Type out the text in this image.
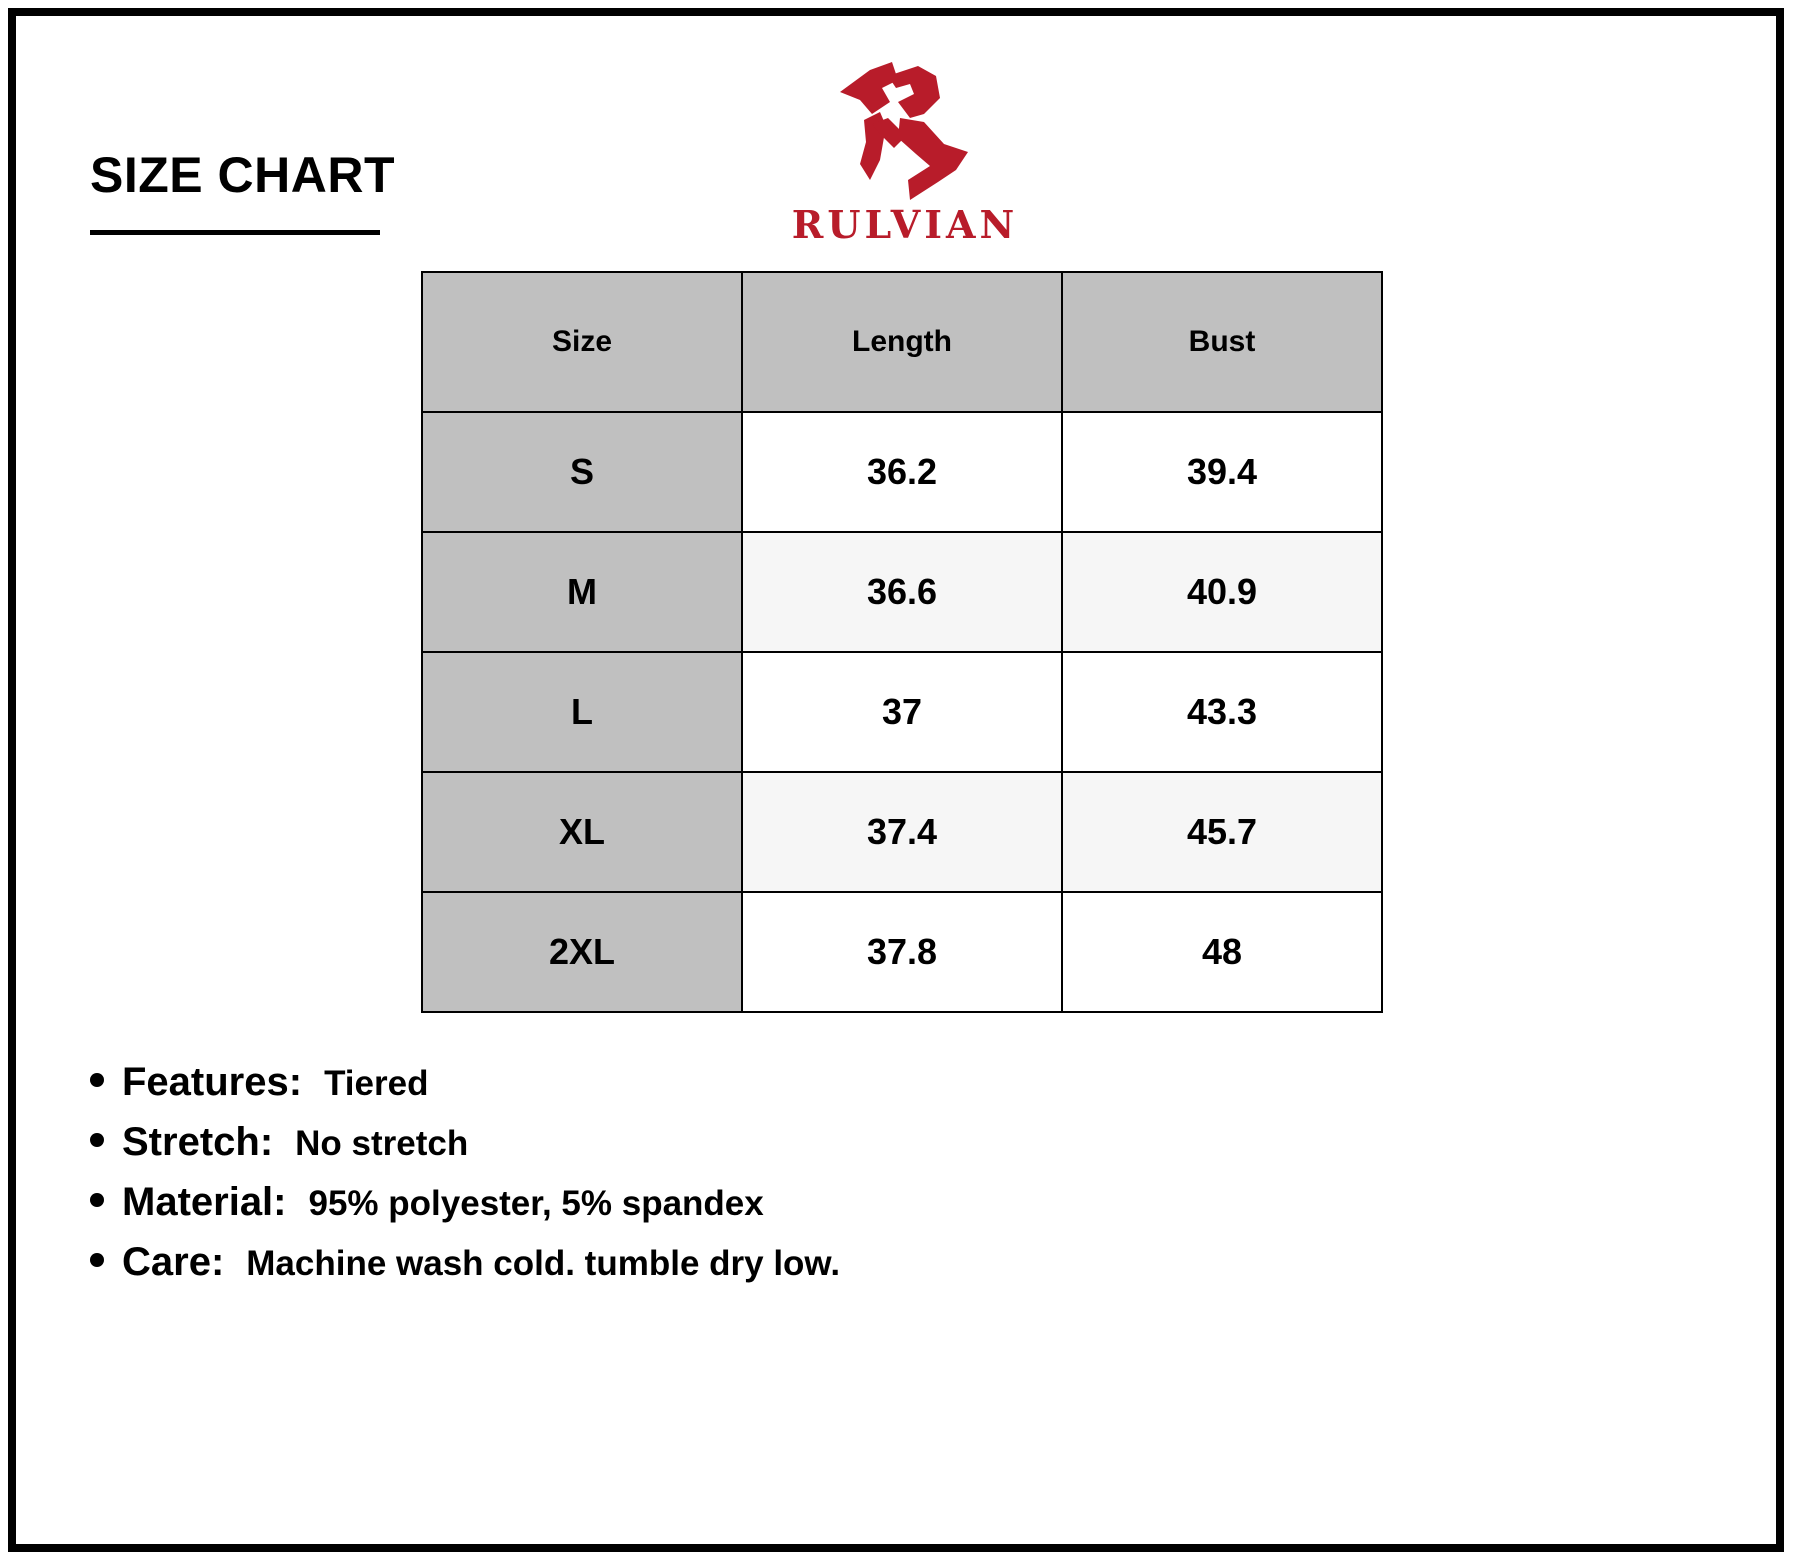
SIZE CHART
RULVIAN
Size	Length	Bust
S	36.2	39.4
M	36.6	40.9
L	37	43.3
XL	37.4	45.7
2XL	37.8	48
Features: Tiered
Stretch: No stretch
Material: 95% polyester, 5% spandex
Care: Machine wash cold. tumble dry low.
